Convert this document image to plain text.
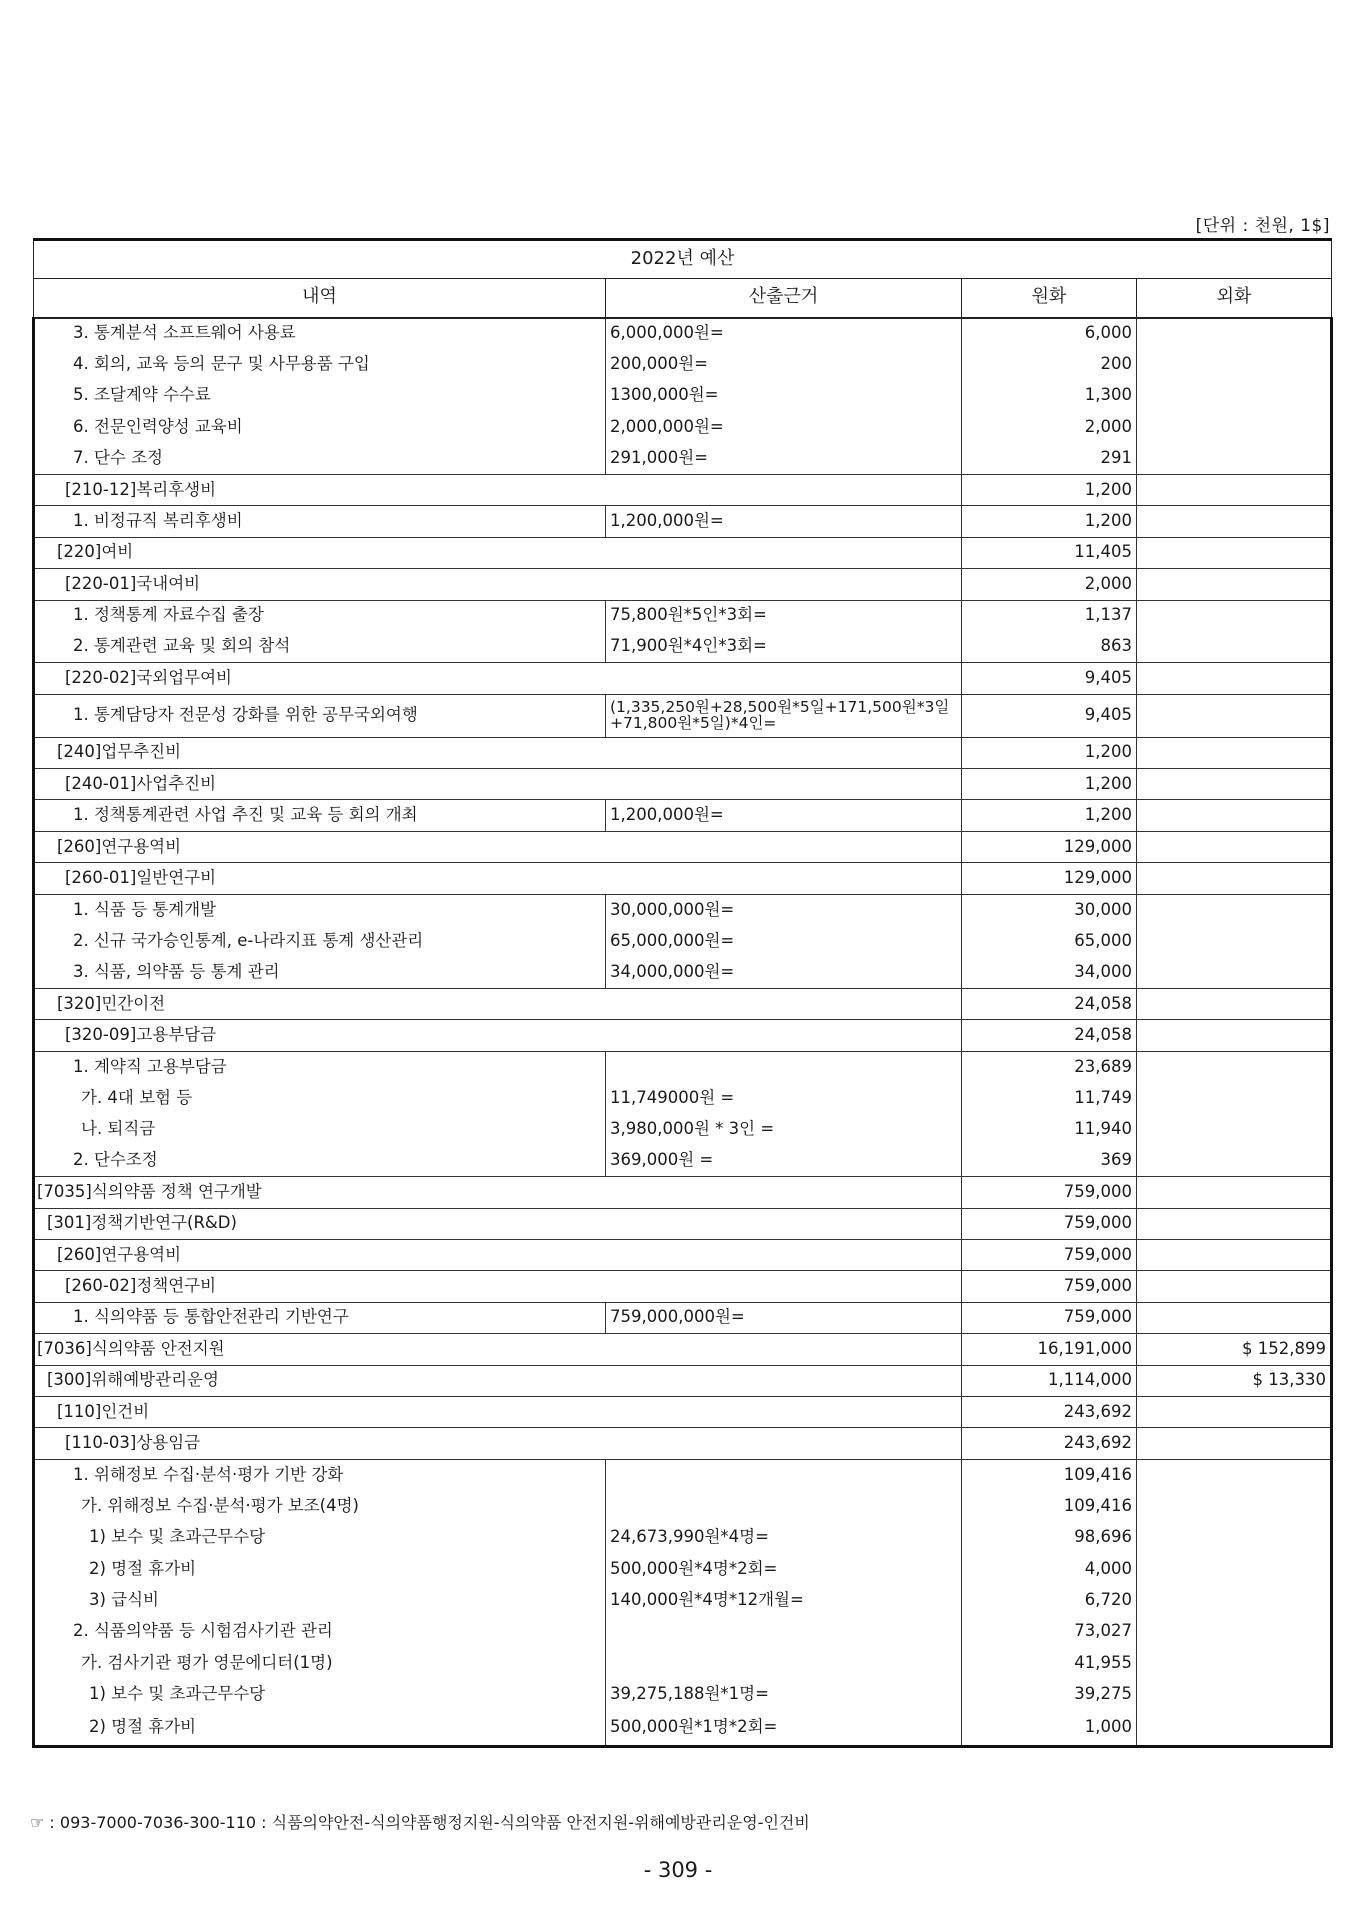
[단위 : 천원, 1$]
2022년 예산			
내역	산출근거	원화	외화
3. 통계분석 소프트웨어 사용료	6,000,000원=	6,000	
4. 회의, 교육 등의 문구 및 사무용품 구입	200,000원=	200	
5. 조달계약 수수료	1300,000원=	1,300	
6. 전문인력양성 교육비	2,000,000원=	2,000	
7. 단수 조정	291,000원=	291	
[210-12]복리후생비		1,200	
1. 비정규직 복리후생비	1,200,000원=	1,200	
[220]여비		11,405	
[220-01]국내여비		2,000	
1. 정책통계 자료수집 출장	75,800원*5인*3회=	1,137	
2. 통계관련 교육 및 회의 참석	71,900원*4인*3회=	863	
[220-02]국외업무여비		9,405	
1. 통계담당자 전문성 강화를 위한 공무국외여행	(1,335,250원+28,500원*5일+171,500원*3일+71,800원*5일)*4인=	9,405	
[240]업무추진비		1,200	
[240-01]사업추진비		1,200	
1. 정책통계관련 사업 추진 및 교육 등 회의 개최	1,200,000원=	1,200	
[260]연구용역비		129,000	
[260-01]일반연구비		129,000	
1. 식품 등 통계개발	30,000,000원=	30,000	
2. 신규 국가승인통계, e-나라지표 통계 생산관리	65,000,000원=	65,000	
3. 식품, 의약품 등 통계 관리	34,000,000원=	34,000	
[320]민간이전		24,058	
[320-09]고용부담금		24,058	
1. 계약직 고용부담금		23,689	
가. 4대 보험 등	11,749000원 =	11,749	
나. 퇴직금	3,980,000원 * 3인 =	11,940	
2. 단수조정	369,000원 =	369	
[7035]식의약품 정책 연구개발		759,000	
[301]정책기반연구(R&D)		759,000	
[260]연구용역비		759,000	
[260-02]정책연구비		759,000	
1. 식의약품 등 통합안전관리 기반연구	759,000,000원=	759,000	
[7036]식의약품 안전지원		16,191,000	$ 152,899
[300]위해예방관리운영		1,114,000	$ 13,330
[110]인건비		243,692	
[110-03]상용임금		243,692	
1. 위해정보 수집·분석·평가 기반 강화		109,416	
가. 위해정보 수집·분석·평가 보조(4명)		109,416	
1) 보수 및 초과근무수당	24,673,990원*4명=	98,696	
2) 명절 휴가비	500,000원*4명*2회=	4,000	
3) 급식비	140,000원*4명*12개월=	6,720	
2. 식품의약품 등 시험검사기관 관리		73,027	
가. 검사기관 평가 영문에디터(1명)		41,955	
1) 보수 및 초과근무수당	39,275,188원*1명=	39,275	
2) 명절 휴가비	500,000원*1명*2회=	1,000	
☞ : 093-7000-7036-300-110 : 식품의약안전-식의약품행정지원-식의약품 안전지원-위해예방관리운영-인건비
- 309 -
